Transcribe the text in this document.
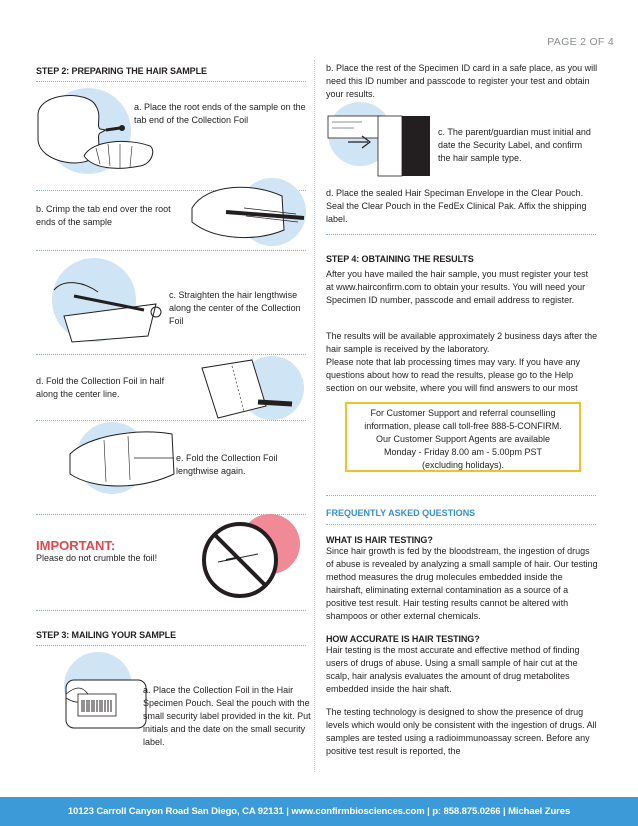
PAGE 2 OF 4
STEP 2: PREPARING THE HAIR SAMPLE
a. Place the root ends of the sample on the tab end of the Collection Foil
b. Crimp the tab end over the root ends of the sample
c. Straighten the hair lengthwise along the center of the Collection Foil
d. Fold the Collection Foil in half along the center line.
e. Fold the Collection Foil lengthwise again.
IMPORTANT:
Please do not crumble the foil!
STEP 3: MAILING YOUR SAMPLE
a. Place the Collection Foil in the Hair Specimen Pouch. Seal the pouch with the small security label provided in the kit. Put initials and the date on the small security label.
b. Place the rest of the Specimen ID card in a safe place, as you will need this ID number and passcode to register your test and obtain your results.
c. The parent/guardian must initial and date the Security Label, and confirm the hair sample type.
d. Place the sealed Hair Speciman Envelope in the Clear Pouch. Seal the Clear Pouch in the FedEx Clinical Pak. Affix the shipping label.
STEP 4: OBTAINING THE RESULTS
After you have mailed the hair sample, you must register your test at www.hairconfirm.com to obtain your results. You will need your Specimen ID number, passcode and email address to register.
The results will be available approximately 2 business days after the hair sample is received by the laboratory.
Please note that lab processing times may vary. If you have any questions about how to read the results, please go to the Help section on our website, where you will find answers to our most
For Customer Support and referral counselling
information, please call toll-free 888-5-CONFIRM.
Our Customer Support Agents are available
Monday - Friday 8.00 am - 5.00pm PST
(excluding holidays).
FREQUENTLY ASKED QUESTIONS
WHAT IS HAIR TESTING?
Since hair growth is fed by the bloodstream, the ingestion of drugs of abuse is revealed by analyzing a small sample of hair. Our testing method measures the drug molecules embedded inside the hairshaft, eliminating external contamination as a source of a positive test result. Hair testing results cannot be altered with shampoos or other external chemicals.
HOW ACCURATE IS HAIR TESTING?
Hair testing is the most accurate and effective method of finding users of drugs of abuse. Using a small sample of hair cut at the scalp, hair analysis evaluates the amount of drug metabolites embedded inside the hair shaft.
The testing technology is designed to show the presence of drug levels which would only be consistent with the ingestion of drugs. All samples are tested using a radioimmunoassay screen. Before any positive test result is reported, the
10123 Carroll Canyon Road San Diego, CA 92131 | www.confirmbiosciences.com | p: 858.875.0266 | Michael Zures
